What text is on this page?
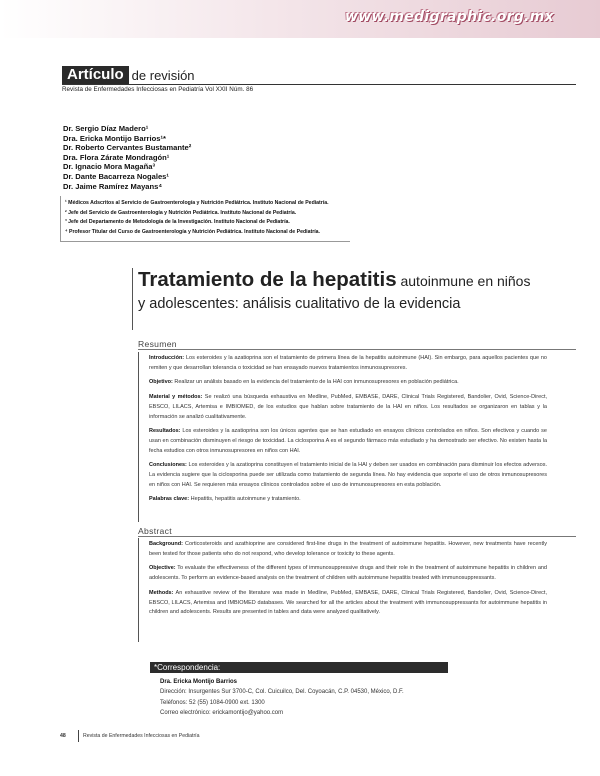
www.medigraphic.org.mx
Artículo de revisión
Revista de Enfermedades Infecciosas en Pediatría Vol XXII Núm. 86
Dr. Sergio Díaz Madero¹
Dra. Ericka Montijo Barrios¹*
Dr. Roberto Cervantes Bustamante²
Dra. Flora Zárate Mondragón¹
Dr. Ignacio Mora Magaña³
Dr. Dante Bacarreza Nogales¹
Dr. Jaime Ramírez Mayans⁴
¹ Médicos Adscritos al Servicio de Gastroenterología y Nutrición Pediátrica. Instituto Nacional de Pediatría.
² Jefe del Servicio de Gastroenterología y Nutrición Pediátrica. Instituto Nacional de Pediatría.
³ Jefe del Departamento de Metodología de la Investigación. Instituto Nacional de Pediatría.
⁴ Profesor Titular del Curso de Gastroenterología y Nutrición Pediátrica. Instituto Nacional de Pediatría.
Tratamiento de la hepatitis autoinmune en niños
y adolescentes: análisis cualitativo de la evidencia
Resumen

Introducción: Los esteroides y la azatioprina son el tratamiento de primera línea de la hepatitis autoinmune (HAI). Sin embargo, para aquellos pacientes que no remiten y que desarrollan tolerancia o toxicidad se han ensayado nuevos tratamientos inmunosupresores.

Objetivo: Realizar un análisis basado en la evidencia del tratamiento de la HAI con inmunosupresores en población pediátrica.

Material y métodos: Se realizó una búsqueda exhaustiva en Medline, PubMed, EMBASE, DARE, Clinical Trials Registered, Bandolier, Ovid, Science-Direct, EBSCO, LILACS, Artemisa e IMBIOMED, de los estudios que hablan sobre tratamiento de la HAI en niños. Los resultados se organizaron en tablas y la información se analizó cualitativamente.

Resultados: Los esteroides y la azatioprina son los únicos agentes que se han estudiado en ensayos clínicos controlados en niños. Son efectivos y cuando se usan en combinación disminuyen el riesgo de toxicidad. La ciclosporina A es el segundo fármaco más estudiado y ha demostrado ser efectivo. No existen hasta la fecha estudios con otros inmunosupresores en niños con HAI.

Conclusiones: Los esteroides y la azatioprina constituyen el tratamiento inicial de la HAI y deben ser usados en combinación para disminuir los efectos adversos. La evidencia sugiere que la ciclosporina puede ser utilizada como tratamiento de segunda línea. No hay evidencia que soporte el uso de otros inmunosupresores en niños con HAI. Se requieren más ensayos clínicos controlados sobre el uso de inmunosupresores en esta población.

Palabras clave: Hepatitis, hepatitis autoinmune y tratamiento.

Abstract

Background: Corticosteroids and azathioprine are considered first-line drugs in the treatment of autoimmune hepatitis. However, new treatments have recently been tested for those patients who do not respond, who develop tolerance or toxicity to these agents.

Objective: To evaluate the effectiveness of the different types of immunosuppressive drugs and their role in the treatment of autoimmune hepatitis in children and adolescents. To perform an evidence-based analysis on the treatment of children with autoimmune hepatitis treated with immunosuppressants.

Methods: An exhaustive review of the literature was made in Medline, PubMed, EMBASE, DARE, Clinical Trials Registered, Bandolier, Ovid, Science-Direct, EBSCO, LILACS, Artemisa and IMBIOMED databases. We searched for all the articles about the treatment with immunosuppressants for autoimmune hepatitis in children and adolescents. Results are presented in tables and data were analyzed qualitatively.

*Correspondencia:
Dra. Ericka Montijo Barrios
Dirección: Insurgentes Sur 3700-C, Col. Cuicuilco, Del. Coyoacán, C.P. 04530, México, D.F.
Teléfonos: 52 (55) 1084-0900 ext. 1300
Correo electrónico: erickamontijo@yahoo.com
48	Revista de Enfermedades Infecciosas en Pediatría
